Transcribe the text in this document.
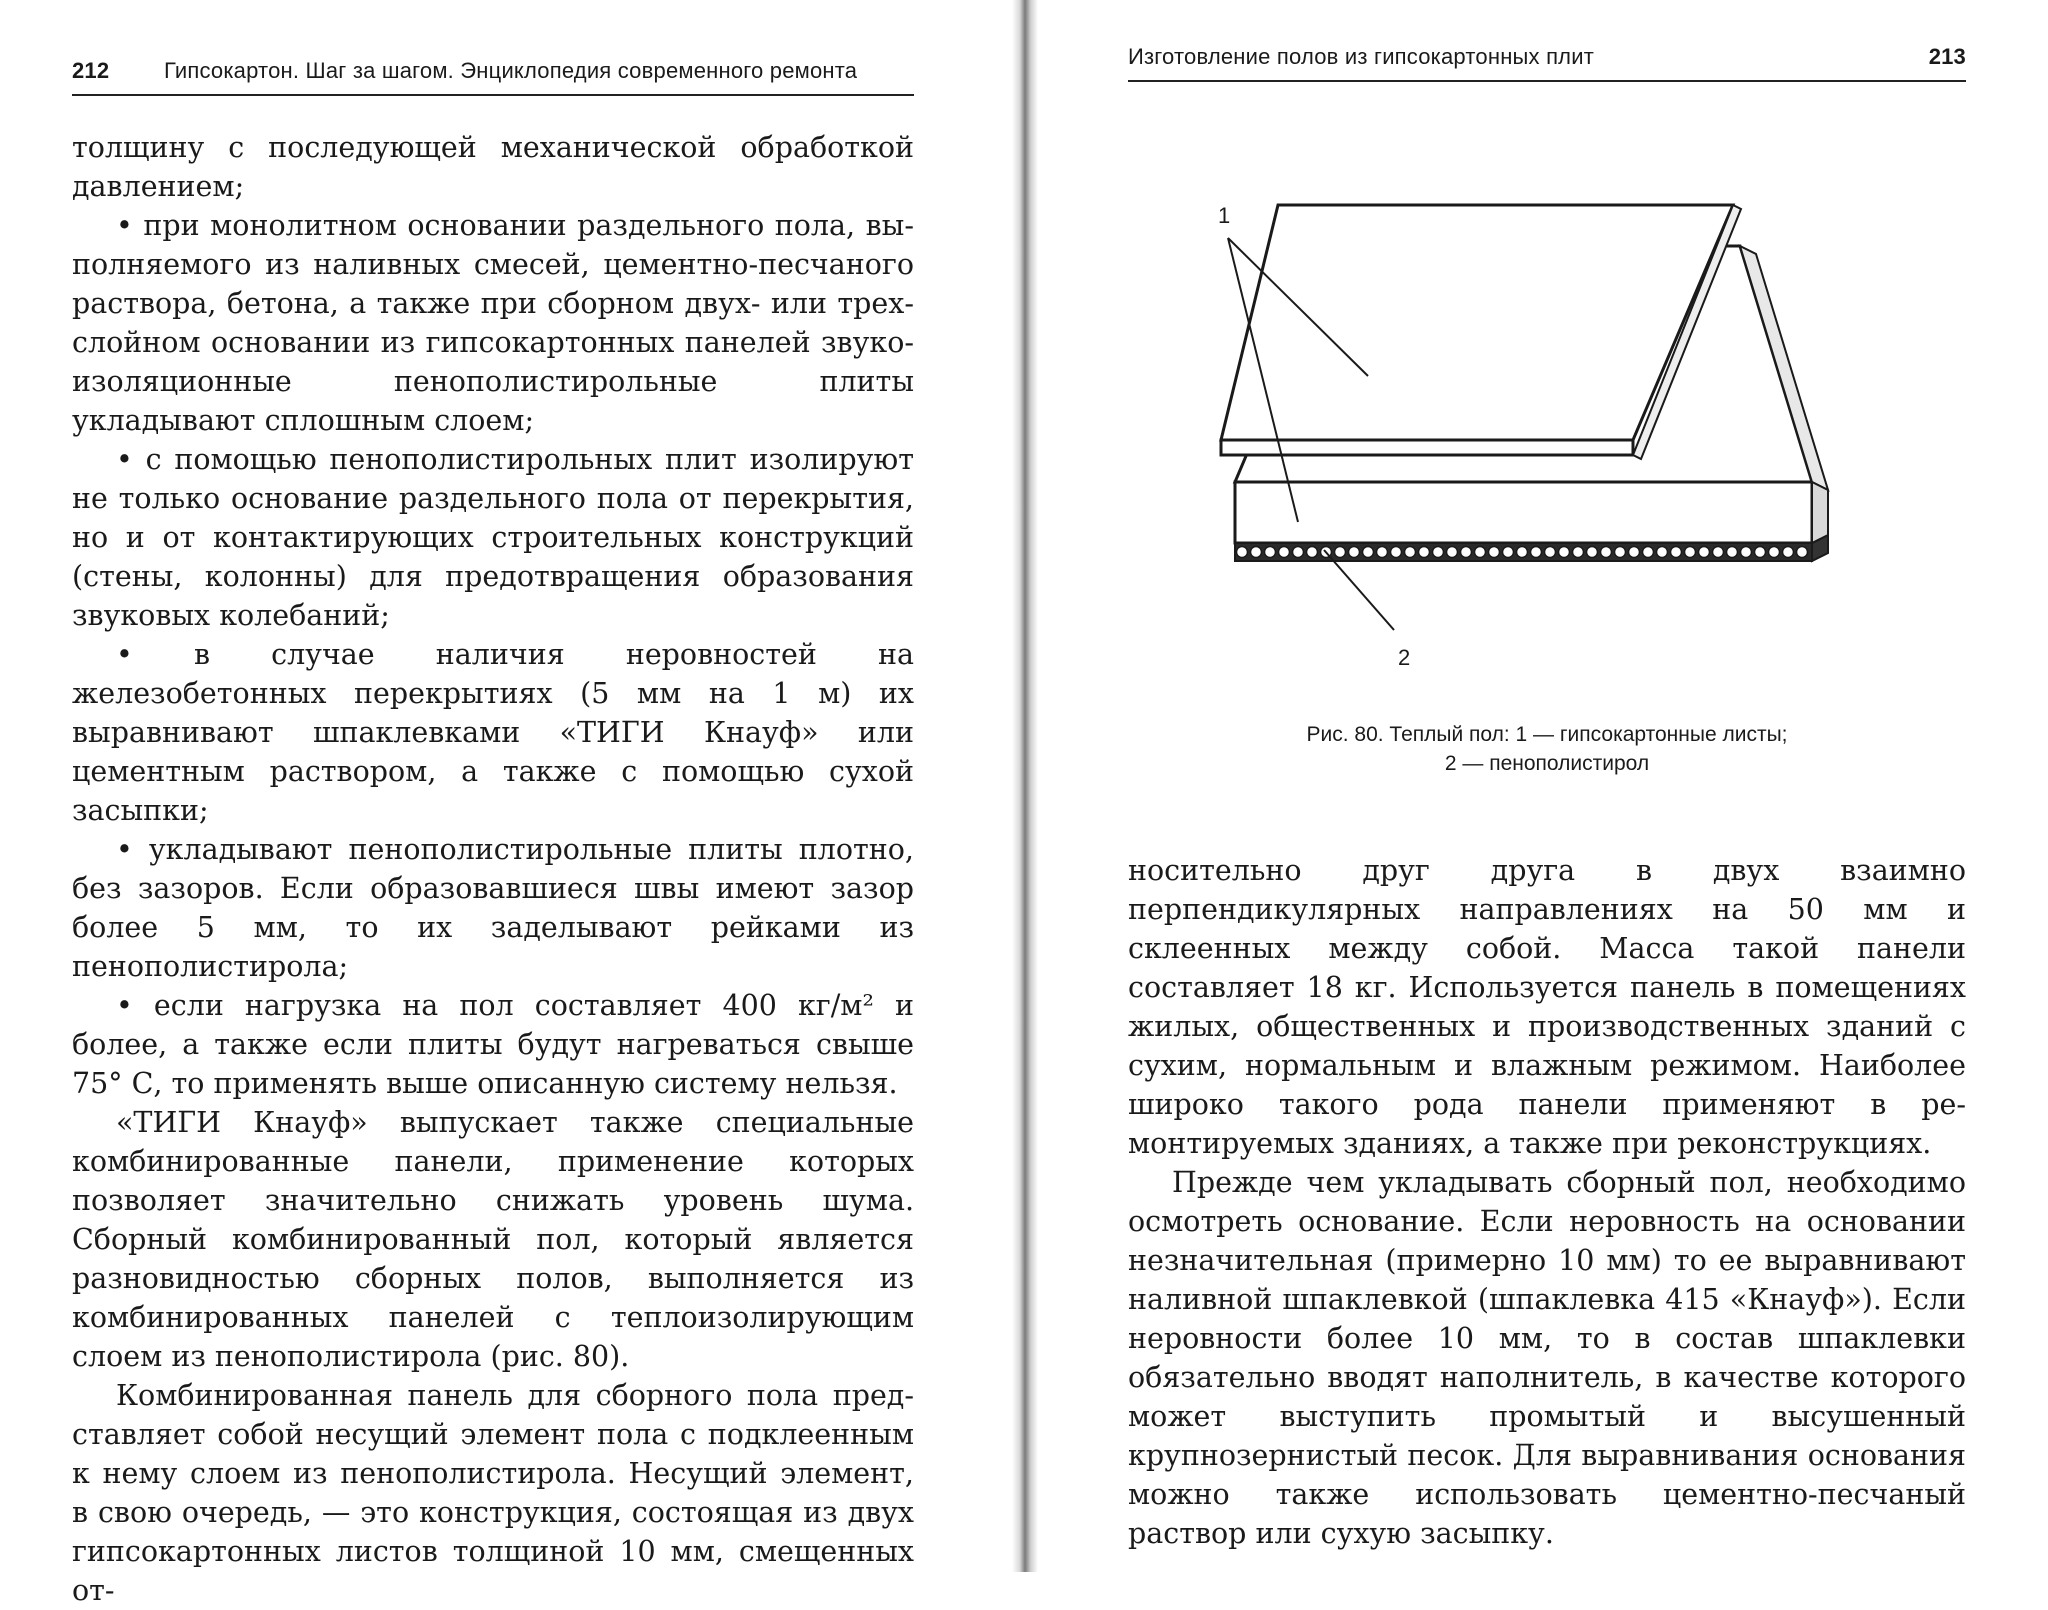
212 Гипсокартон. Шаг за шагом. Энциклопедия современного ремонта

толщину с последующей механической обработкой давлением;

• при монолитном основании раздельного пола, выполняемого из наливных смесей, цементно-песчаного раствора, бетона, а также при сборном двух- или трехслойном основании из гипсокартонных панелей звукоизоляционные пенополистирольные плиты укладывают сплошным слоем;

• с помощью пенополистирольных плит изолируют не только основание раздельного пола от перекрытия, но и от контактирующих строительных конструкций (стены, колонны) для предотвращения образования звуковых колебаний;

• в случае наличия неровностей на железобетонных перекрытиях (5 мм на 1 м) их выравнивают шпаклевками «ТИГИ Кнауф» или цементным раствором, а также с помощью сухой засыпки;

• укладывают пенополистирольные плиты плотно, без зазоров. Если образовавшиеся швы имеют зазор более 5 мм, то их заделывают рейками из пенополистирола;

• если нагрузка на пол составляет 400 кг/м² и более, а также если плиты будут нагреваться свыше 75° С, то применять выше описанную систему нельзя.

«ТИГИ Кнауф» выпускает также специальные комбинированные панели, применение которых позволяет значительно снижать уровень шума. Сборный комбинированный пол, который является разновидностью сборных полов, выполняется из комбинированных панелей с теплоизолирующим слоем из пенополистирола (рис. 80).

Комбинированная панель для сборного пола представляет собой несущий элемент пола с подклеенным к нему слоем из пенополистирола. Несущий элемент, в свою очередь, — это конструкция, состоящая из двух гипсокартонных листов толщиной 10 мм, смещенных от-

Изготовление полов из гипсокартонных плит	213
1
2
Рис. 80. Теплый пол: 1 — гипсокартонные листы;
2 — пенополистирол

носительно друг друга в двух взаимно перпендикулярных направлениях на 50 мм и склеенных между собой. Масса такой панели составляет 18 кг. Используется панель в помещениях жилых, общественных и производственных зданий с сухим, нормальным и влажным режимом. Наиболее широко такого рода панели применяют в ремонтируемых зданиях, а также при реконструкциях.

Прежде чем укладывать сборный пол, необходимо осмотреть основание. Если неровность на основании незначительная (примерно 10 мм) то ее выравнивают наливной шпаклевкой (шпаклевка 415 «Кнауф»). Если неровности более 10 мм, то в состав шпаклевки обязательно вводят наполнитель, в качестве которого может выступить промытый и высушенный крупнозернистый песок. Для выравнивания основания можно также использовать цементно-песчаный раствор или сухую засыпку.
